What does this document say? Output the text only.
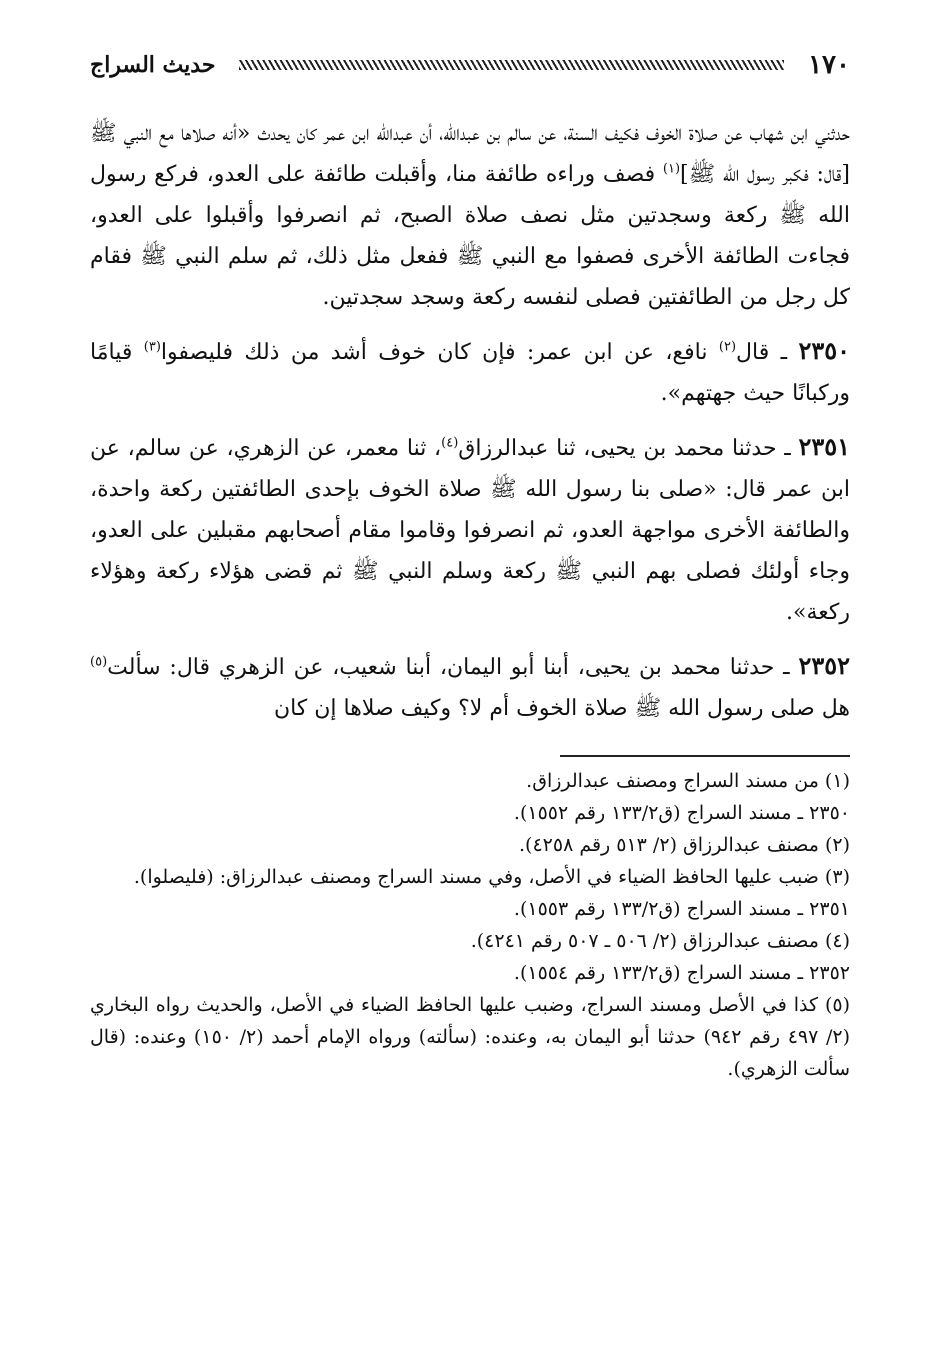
١٧٠
حديث السراج

حدثني ابن شهاب عن صلاة الخوف فكيف السنة، عن سالم بن عبدالله، أن عبدالله ابن عمر كان يحدث «أنه صلاها مع النبي ﷺ [قال: فكبر رسول الله ﷺ]$^{(١)}$ فصف وراءه طائفة منا، وأقبلت طائفة على العدو، فركع رسول الله ﷺ ركعة وسجدتين مثل نصف صلاة الصبح، ثم انصرفوا وأقبلوا على العدو، فجاءت الطائفة الأخرى فصفوا مع النبي ﷺ ففعل مثل ذلك، ثم سلم النبي ﷺ فقام كل رجل من الطائفتين فصلى لنفسه ركعة وسجد سجدتين.

٢٣٥٠ ـ قال$^{(٢)}$ نافع، عن ابن عمر: فإن كان خوف أشد من ذلك فليصفوا$^{(٣)}$ قيامًا وركبانًا حيث جهتهم».

٢٣٥١ ـ حدثنا محمد بن يحيى، ثنا عبدالرزاق$^{(٤)}$، ثنا معمر، عن الزهري، عن سالم، عن ابن عمر قال: «صلى بنا رسول الله ﷺ صلاة الخوف بإحدى الطائفتين ركعة واحدة، والطائفة الأخرى مواجهة العدو، ثم انصرفوا وقاموا مقام أصحابهم مقبلين على العدو، وجاء أولئك فصلى بهم النبي ﷺ ركعة وسلم النبي ﷺ ثم قضى هؤلاء ركعة وهؤلاء ركعة».

٢٣٥٢ ـ حدثنا محمد بن يحيى، أبنا أبو اليمان، أبنا شعيب، عن الزهري قال: سألت$^{(٥)}$ هل صلى رسول الله ﷺ صلاة الخوف أم لا؟ وكيف صلاها إن كان

(١) من مسند السراج ومصنف عبدالرزاق.
٢٣٥٠ ـ مسند السراج (ق١٣٣/٢ رقم ١٥٥٢).
(٢) مصنف عبدالرزاق (٢/ ٥١٣ رقم ٤٢٥٨).
(٣) ضبب عليها الحافظ الضياء في الأصل، وفي مسند السراج ومصنف عبدالرزاق: (فليصلوا).
٢٣٥١ ـ مسند السراج (ق١٣٣/٢ رقم ١٥٥٣).
(٤) مصنف عبدالرزاق (٢/ ٥٠٦ ـ ٥٠٧ رقم ٤٢٤١).
٢٣٥٢ ـ مسند السراج (ق١٣٣/٢ رقم ١٥٥٤).
(٥) كذا في الأصل ومسند السراج، وضبب عليها الحافظ الضياء في الأصل، والحديث رواه البخاري (٢/ ٤٩٧ رقم ٩٤٢) حدثنا أبو اليمان به، وعنده: (سألته) ورواه الإمام أحمد (٢/ ١٥٠) وعنده: (قال سألت الزهري).
